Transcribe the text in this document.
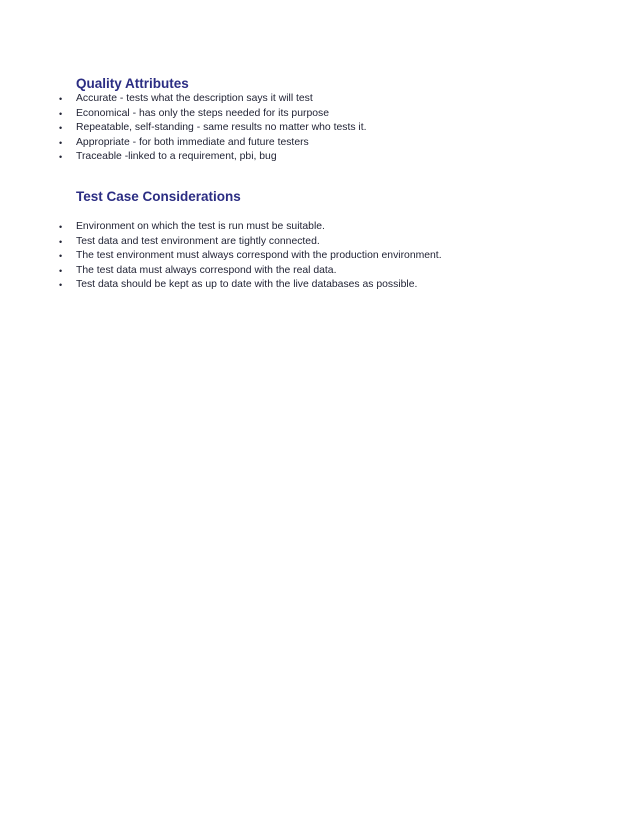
Quality Attributes
•	Accurate - tests what the description says it will test
•	Economical - has only the steps needed for its purpose
•	Repeatable, self-standing - same results no matter who tests it.
•	Appropriate - for both immediate and future testers
•	Traceable -linked to a requirement, pbi, bug
Test Case Considerations
•	Environment on which the test is run must be suitable.
•	Test data and test environment are tightly connected.
•	The test environment must always correspond with the production environment.
•	The test data must always correspond with the real data.
•	Test data should be kept as up to date with the live databases as possible.
